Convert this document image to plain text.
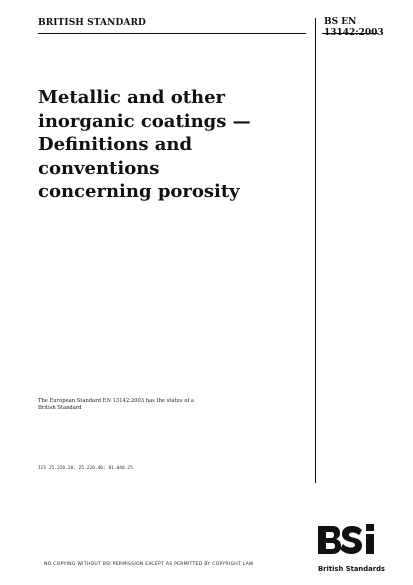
BRITISH STANDARD	BS EN
13142:2003
Metallic and other
inorganic coatings —
Definitions and
conventions
concerning porosity
The European Standard EN 13142:2003 has the status of a
British Standard
ICS 25.220.20; 25.220.40; 01.040.25
NO COPYING WITHOUT BSI PERMISSION EXCEPT AS PERMITTED BY COPYRIGHT LAW
British Standards
